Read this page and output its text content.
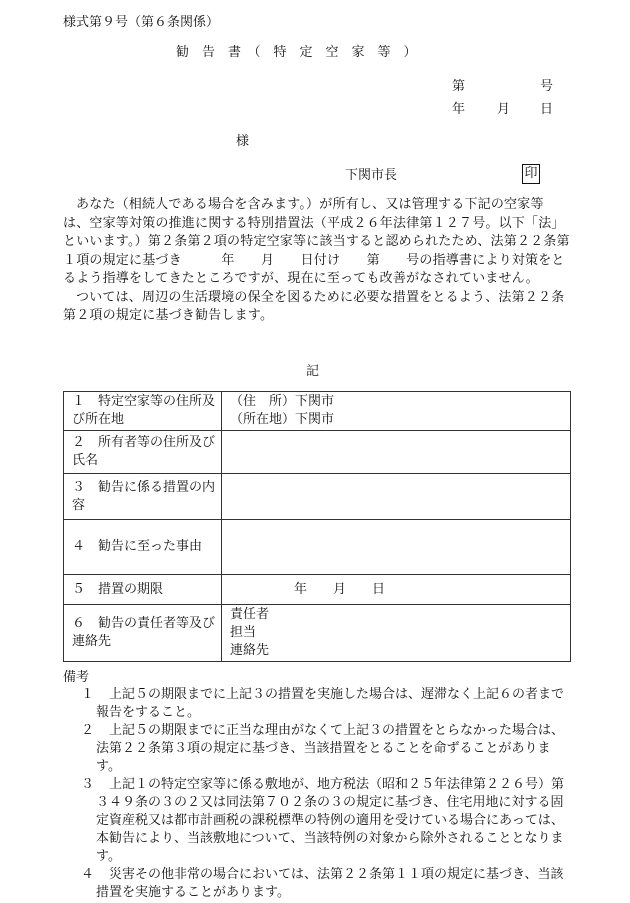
様式第９号（第６条関係）
勧　告　書　（　特　定　空　家　等　）
第	号
年 月 日
様
下関市長	印

あなた（相続人である場合を含みます。）が所有し、又は管理する下記の空家等は、空家等対策の推進に関する特別措置法（平成２６年法律第１２７号。以下「法」といいます。）第２条第２項の特定空家等に該当すると認められたため、法第２２条第１項の規定に基づき　　　年　　月　　日付け　　第　　号の指導書により対策をとるよう指導をしてきたところですが、現在に至っても改善がなされていません。

ついては、周辺の生活環境の保全を図るために必要な措置をとるよう、法第２２条第２項の規定に基づき勧告します。

記
１　特定空家等の住所及び所在地	（住　所）下関市
（所在地）下関市

２　所有者等の住所及び氏名	
３　勧告に係る措置の内容	
４　勧告に至った事由	
５　措置の期限	年　　月　　日
６　勧告の責任者等及び連絡先	責任者
担当
連絡先
備考
１	上記５の期限までに上記３の措置を実施した場合は、遅滞なく上記６の者まで報告をすること。
２	上記５の期限までに正当な理由がなくて上記３の措置をとらなかった場合は、法第２２条第３項の規定に基づき、当該措置をとることを命ずることがあります。
３	上記１の特定空家等に係る敷地が、地方税法（昭和２５年法律第２２６号）第３４９条の３の２又は同法第７０２条の３の規定に基づき、住宅用地に対する固定資産税又は都市計画税の課税標準の特例の適用を受けている場合にあっては、本勧告により、当該敷地について、当該特例の対象から除外されることとなります。
４	災害その他非常の場合においては、法第２２条第１１項の規定に基づき、当該措置を実施することがあります。
